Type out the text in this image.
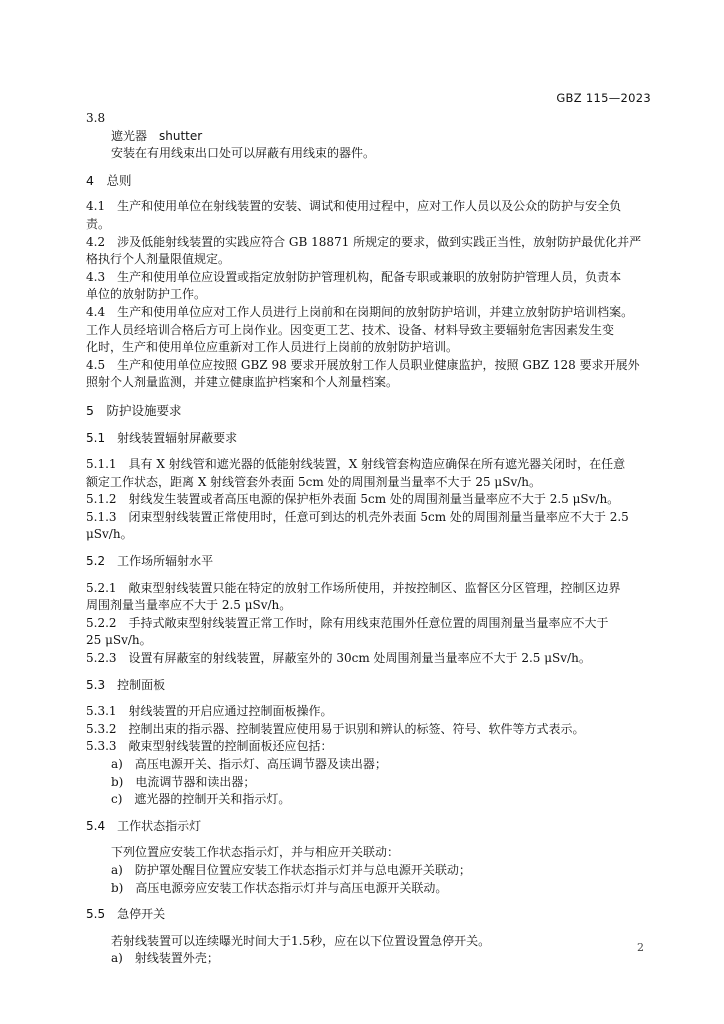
GBZ 115—2023

3.8

遮光器　shutter

安装在有用线束出口处可以屏蔽有用线束的器件。

4　总则

4.1　生产和使用单位在射线装置的安装、调试和使用过程中，应对工作人员以及公众的防护与安全负

责。

4.2　涉及低能射线装置的实践应符合 GB 18871 所规定的要求，做到实践正当性，放射防护最优化并严

格执行个人剂量限值规定。

4.3　生产和使用单位应设置或指定放射防护管理机构，配备专职或兼职的放射防护管理人员，负责本

单位的放射防护工作。

4.4　生产和使用单位应对工作人员进行上岗前和在岗期间的放射防护培训，并建立放射防护培训档案。

工作人员经培训合格后方可上岗作业。因变更工艺、技术、设备、材料导致主要辐射危害因素发生变

化时，生产和使用单位应重新对工作人员进行上岗前的放射防护培训。

4.5　生产和使用单位应按照 GBZ 98 要求开展放射工作人员职业健康监护，按照 GBZ 128 要求开展外

照射个人剂量监测，并建立健康监护档案和个人剂量档案。

5　防护设施要求

5.1　射线装置辐射屏蔽要求

5.1.1　具有 X 射线管和遮光器的低能射线装置，X 射线管套构造应确保在所有遮光器关闭时，在任意

额定工作状态，距离 X 射线管套外表面 5cm 处的周围剂量当量率不大于 25 μSv/h。

5.1.2　射线发生装置或者高压电源的保护柜外表面 5cm 处的周围剂量当量率应不大于 2.5 μSv/h。

5.1.3　闭束型射线装置正常使用时，任意可到达的机壳外表面 5cm 处的周围剂量当量率应不大于 2.5

μSv/h。

5.2　工作场所辐射水平

5.2.1　敞束型射线装置只能在特定的放射工作场所使用，并按控制区、监督区分区管理，控制区边界

周围剂量当量率应不大于 2.5 μSv/h。

5.2.2　手持式敞束型射线装置正常工作时，除有用线束范围外任意位置的周围剂量当量率应不大于

25 μSv/h。

5.2.3　设置有屏蔽室的射线装置，屏蔽室外的 30cm 处周围剂量当量率应不大于 2.5 μSv/h。

5.3　控制面板

5.3.1　射线装置的开启应通过控制面板操作。

5.3.2　控制出束的指示器、控制装置应使用易于识别和辨认的标签、符号、软件等方式表示。

5.3.3　敞束型射线装置的控制面板还应包括：

a)　高压电源开关、指示灯、高压调节器及读出器；

b)　电流调节器和读出器；

c)　遮光器的控制开关和指示灯。

5.4　工作状态指示灯

下列位置应安装工作状态指示灯，并与相应开关联动：

a)　防护罩处醒目位置应安装工作状态指示灯并与总电源开关联动；

b)　高压电源旁应安装工作状态指示灯并与高压电源开关联动。

5.5　急停开关

若射线装置可以连续曝光时间大于1.5秒，应在以下位置设置急停开关。

a)　射线装置外壳；

2
